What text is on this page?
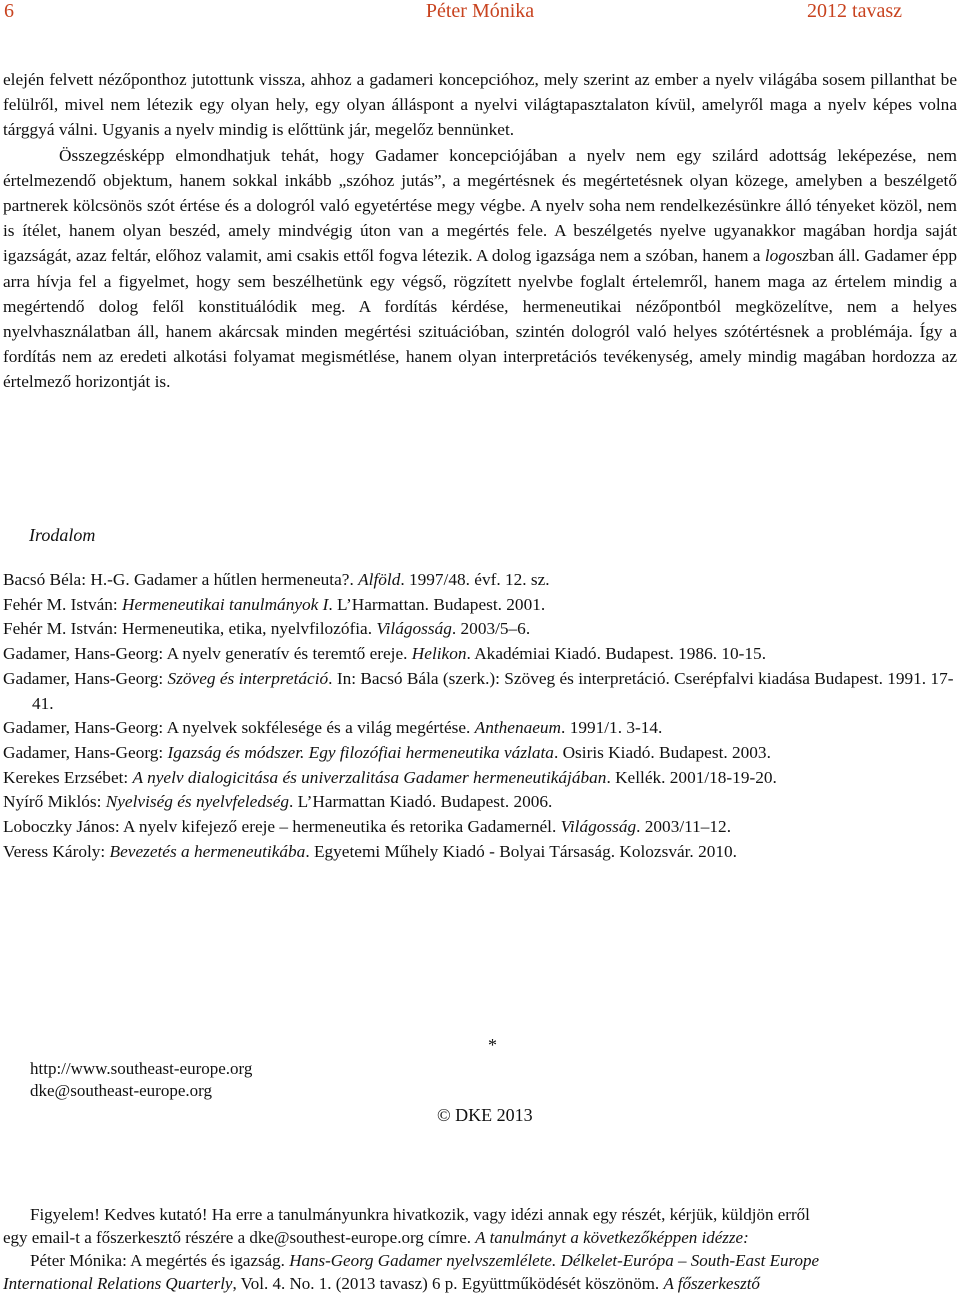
6	Péter Mónika	2012 tavasz

elején felvett nézőponthoz jutottunk vissza, ahhoz a gadameri koncepcióhoz, mely szerint az ember a nyelv világába sosem pillanthat be felülről, mivel nem létezik egy olyan hely, egy olyan álláspont a nyelvi világtapasztalaton kívül, amelyről maga a nyelv képes volna tárggyá válni. Ugyanis a nyelv mindig is előttünk jár, megelőz bennünket.

Összegzésképp elmondhatjuk tehát, hogy Gadamer koncepciójában a nyelv nem egy szilárd adottság leképezése, nem értelmezendő objektum, hanem sokkal inkább „szóhoz jutás”, a megértésnek és megértetésnek olyan közege, amelyben a beszélgető partnerek kölcsönös szót értése és a dologról való egyetértése megy végbe. A nyelv soha nem rendelkezésünkre álló tényeket közöl, nem is ítélet, hanem olyan beszéd, amely mindvégig úton van a megértés fele. A beszélgetés nyelve ugyanakkor magában hordja saját igazságát, azaz feltár, előhoz valamit, ami csakis ettől fogva létezik. A dolog igazsága nem a szóban, hanem a logoszban áll. Gadamer épp arra hívja fel a figyelmet, hogy sem beszélhetünk egy végső, rögzített nyelvbe foglalt értelemről, hanem maga az értelem mindig a megértendő dolog felől konstituálódik meg. A fordítás kérdése, hermeneutikai nézőpontból megközelítve, nem a helyes nyelvhasználatban áll, hanem akárcsak minden megértési szituációban, szintén dologról való helyes szótértésnek a problémája. Így a fordítás nem az eredeti alkotási folyamat megismétlése, hanem olyan interpretációs tevékenység, amely mindig magában hordozza az értelmező horizontját is.

Irodalom

Bacsó Béla: H.-G. Gadamer a hűtlen hermeneuta?. Alföld. 1997/48. évf. 12. sz.

Fehér M. István: Hermeneutikai tanulmányok I. L’Harmattan. Budapest. 2001.

Fehér M. István: Hermeneutika, etika, nyelvfilozófia. Világosság. 2003/5–6.

Gadamer, Hans-Georg: A nyelv generatív és teremtő ereje. Helikon. Akadémiai Kiadó. Budapest. 1986. 10-15.

Gadamer, Hans-Georg: Szöveg és interpretáció. In: Bacsó Bála (szerk.): Szöveg és interpretáció. Cserépfalvi kiadása Budapest. 1991. 17-41.

Gadamer, Hans-Georg: A nyelvek sokfélesége és a világ megértése. Anthenaeum. 1991/1. 3-14.

Gadamer, Hans-Georg: Igazság és módszer. Egy filozófiai hermeneutika vázlata. Osiris Kiadó. Budapest. 2003.

Kerekes Erzsébet: A nyelv dialogicitása és univerzalitása Gadamer hermeneutikájában. Kellék. 2001/18-19-20.

Nyírő Miklós: Nyelviség és nyelvfeledség. L’Harmattan Kiadó. Budapest. 2006.

Loboczky János: A nyelv kifejező ereje – hermeneutika és retorika Gadamernél. Világosság. 2003/11–12.

Veress Károly: Bevezetés a hermeneutikába. Egyetemi Műhely Kiadó - Bolyai Társaság. Kolozsvár. 2010.

http://www.southeast-europe.org
dke@southeast-europe.org
*
© DKE 2013
Figyelem! Kedves kutató! Ha erre a tanulmányunkra hivatkozik, vagy idézi annak egy részét, kérjük, küldjön erről
egy email-t a főszerkesztő részére a dke@southest-europe.org címre. A tanulmányt a következőképpen idézze:
Péter Mónika: A megértés és igazság. Hans-Georg Gadamer nyelvszemlélete. Délkelet-Európa – South-East Europe
International Relations Quarterly, Vol. 4. No. 1. (2013 tavasz) 6 p. Együttműködését köszönöm. A főszerkesztő
